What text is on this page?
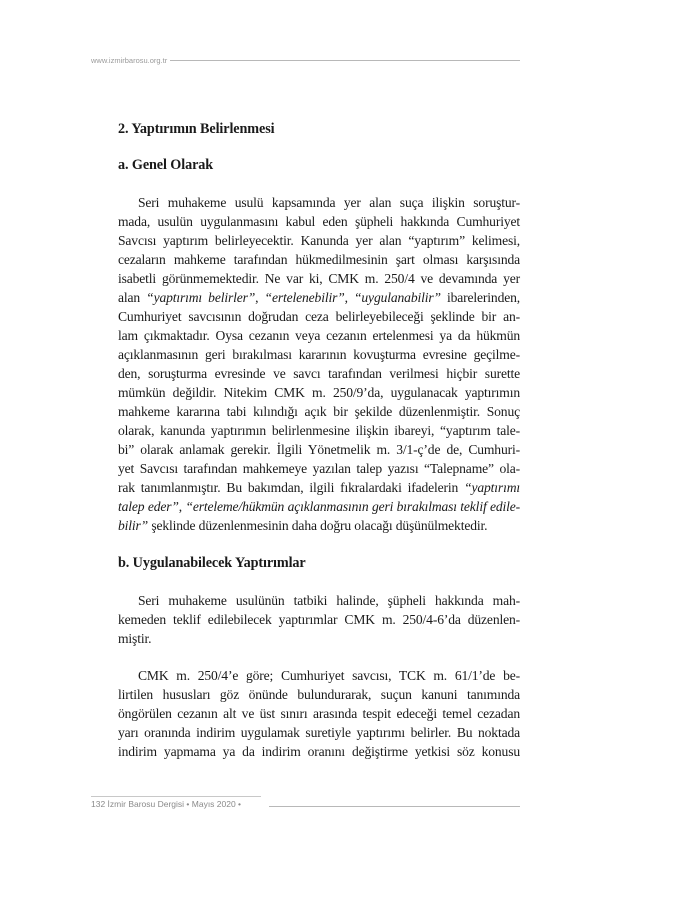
www.izmirbarosu.org.tr
2. Yaptırımın Belirlenmesi
a. Genel Olarak
Seri muhakeme usulü kapsamında yer alan suça ilişkin soruştur-
mada, usulün uygulanmasını kabul eden şüpheli hakkında Cumhuriyet
Savcısı yaptırım belirleyecektir. Kanunda yer alan “yaptırım” kelimesi,
cezaların mahkeme tarafından hükmedilmesinin şart olması karşısında
isabetli görünmemektedir. Ne var ki, CMK m. 250/4 ve devamında yer
alan “yaptırımı belirler”, “ertelenebilir”, “uygulanabilir” ibarelerinden,
Cumhuriyet savcısının doğrudan ceza belirleyebileceği şeklinde bir an-
lam çıkmaktadır. Oysa cezanın veya cezanın ertelenmesi ya da hükmün
açıklanmasının geri bırakılması kararının kovuşturma evresine geçilme-
den, soruşturma evresinde ve savcı tarafından verilmesi hiçbir surette
mümkün değildir. Nitekim CMK m. 250/9’da, uygulanacak yaptırımın
mahkeme kararına tabi kılındığı açık bir şekilde düzenlenmiştir. Sonuç
olarak, kanunda yaptırımın belirlenmesine ilişkin ibareyi, “yaptırım tale-
bi” olarak anlamak gerekir. İlgili Yönetmelik m. 3/1-ç’de de, Cumhuri-
yet Savcısı tarafından mahkemeye yazılan talep yazısı “Talepname” ola-
rak tanımlanmıştır. Bu bakımdan, ilgili fıkralardaki ifadelerin “yaptırımı
talep eder”, “erteleme/hükmün açıklanmasının geri bırakılması teklif edile-
bilir” şeklinde düzenlenmesinin daha doğru olacağı düşünülmektedir.
b. Uygulanabilecek Yaptırımlar
Seri muhakeme usulünün tatbiki halinde, şüpheli hakkında mah-
kemeden teklif edilebilecek yaptırımlar CMK m. 250/4-6’da düzenlen-
miştir.
CMK m. 250/4’e göre; Cumhuriyet savcısı, TCK m. 61/1’de be-
lirtilen hususları göz önünde bulundurarak, suçun kanuni tanımında
öngörülen cezanın alt ve üst sınırı arasında tespit edeceği temel cezadan
yarı oranında indirim uygulamak suretiyle yaptırımı belirler. Bu noktada
indirim yapmama ya da indirim oranını değiştirme yetkisi söz konusu
132 İzmir Barosu Dergisi • Mayıs 2020 •
